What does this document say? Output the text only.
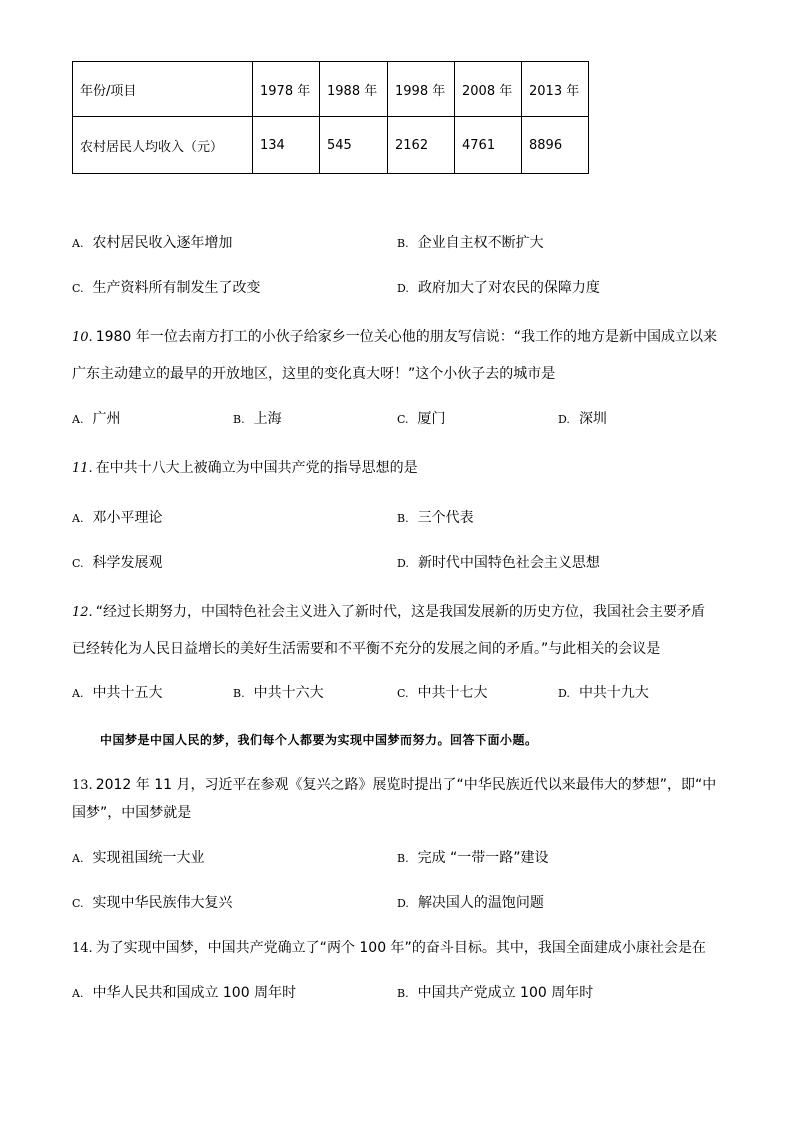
年份/项目	1978 年	1988 年	1998 年	2008 年	2013 年
农村居民人均收入（元）	134	545	2162	4761	8896
A. 农村居民收入逐年增加	B. 企业自主权不断扩大
C. 生产资料所有制发生了改变	D. 政府加大了对农民的保障力度
10. 1980 年一位去南方打工的小伙子给家乡一位关心他的朋友写信说：“我工作的地方是新中国成立以来
广东主动建立的最早的开放地区，这里的变化真大呀！”这个小伙子去的城市是
A. 广州	B. 上海	C. 厦门	D. 深圳
11. 在中共十八大上被确立为中国共产党的指导思想的是
A. 邓小平理论	B. 三个代表
C. 科学发展观	D. 新时代中国特色社会主义思想
12. “经过长期努力，中国特色社会主义进入了新时代，这是我国发展新的历史方位，我国社会主要矛盾
已经转化为人民日益增长的美好生活需要和不平衡不充分的发展之间的矛盾。”与此相关的会议是
A. 中共十五大	B. 中共十六大	C. 中共十七大	D. 中共十九大
中国梦是中国人民的梦，我们每个人都要为实现中国梦而努力。回答下面小题。
13. 2012 年 11 月，习近平在参观《复兴之路》展览时提出了“中华民族近代以来最伟大的梦想”，即“中
国梦”，中国梦就是
A. 实现祖国统一大业	B. 完成 “一带一路”建设
C. 实现中华民族伟大复兴	D. 解决国人的温饱问题
14. 为了实现中国梦，中国共产党确立了“两个 100 年”的奋斗目标。其中，我国全面建成小康社会是在
A. 中华人民共和国成立 100 周年时	B. 中国共产党成立 100 周年时
